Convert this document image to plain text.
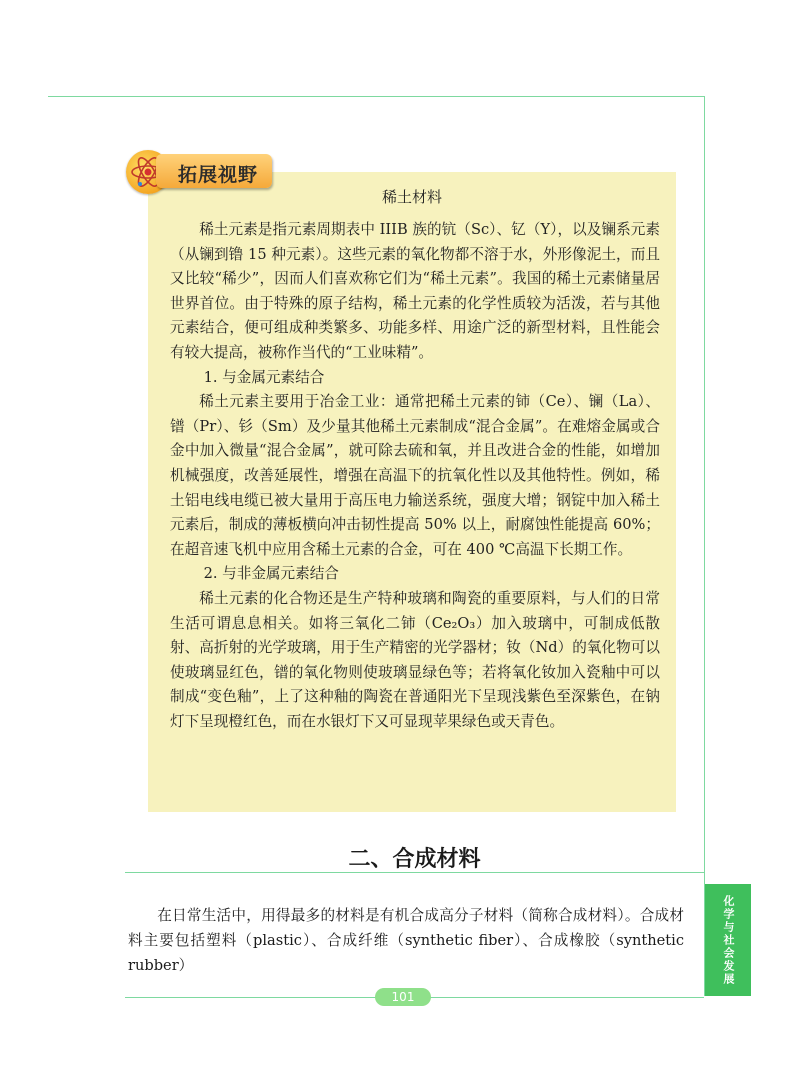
拓展视野
稀土材料

稀土元素是指元素周期表中 IIIB 族的钪（Sc）、钇（Y），以及镧系元素（从镧到镥 15 种元素）。这些元素的氧化物都不溶于水，外形像泥土，而且又比较“稀少”，因而人们喜欢称它们为“稀土元素”。我国的稀土元素储量居世界首位。由于特殊的原子结构，稀土元素的化学性质较为活泼，若与其他元素结合，便可组成种类繁多、功能多样、用途广泛的新型材料，且性能会有较大提高，被称作当代的“工业味精”。

1. 与金属元素结合

稀土元素主要用于冶金工业：通常把稀土元素的铈（Ce）、镧（La）、镨（Pr）、钐（Sm）及少量其他稀土元素制成“混合金属”。在难熔金属或合金中加入微量“混合金属”，就可除去硫和氧，并且改进合金的性能，如增加机械强度，改善延展性，增强在高温下的抗氧化性以及其他特性。例如，稀土铝电线电缆已被大量用于高压电力输送系统，强度大增；钢锭中加入稀土元素后，制成的薄板横向冲击韧性提高 50% 以上，耐腐蚀性能提高 60%；在超音速飞机中应用含稀土元素的合金，可在 400 ℃高温下长期工作。

2. 与非金属元素结合

稀土元素的化合物还是生产特种玻璃和陶瓷的重要原料，与人们的日常生活可谓息息相关。如将三氧化二铈（Ce₂O₃）加入玻璃中，可制成低散射、高折射的光学玻璃，用于生产精密的光学器材；钕（Nd）的氧化物可以使玻璃显红色，镨的氧化物则使玻璃显绿色等；若将氧化钕加入瓷釉中可以制成“变色釉”，上了这种釉的陶瓷在普通阳光下呈现浅紫色至深紫色，在钠灯下呈现橙红色，而在水银灯下又可显现苹果绿色或天青色。

二、合成材料

在日常生活中，用得最多的材料是有机合成高分子材料（简称合成材料）。合成材料主要包括塑料（plastic）、合成纤维（synthetic fiber）、合成橡胶（synthetic rubber）	化学与社会发展
101
